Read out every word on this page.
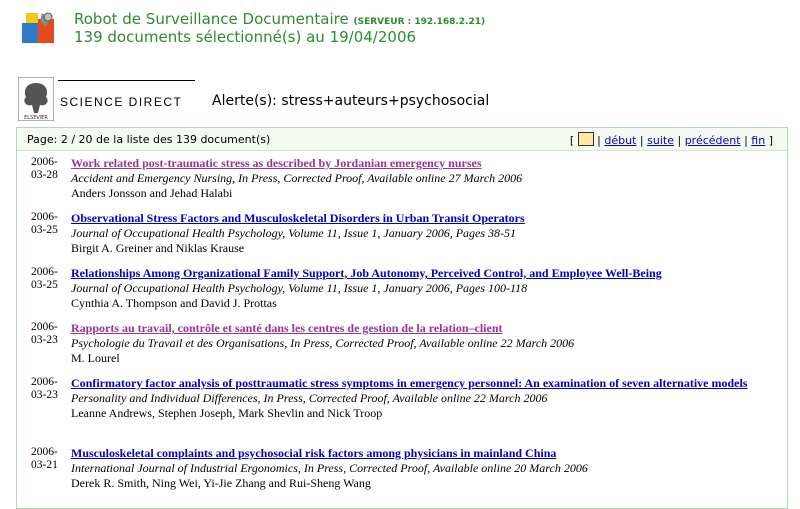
Robot de Surveillance Documentaire (SERVEUR : 192.168.2.21)
139 documents sélectionné(s) au 19/04/2006
ELSEVIER
SCIENCE DIRECT Alerte(s): stress+auteurs+psychosocial
Page: 2 / 20 de la liste des 139 document(s)	[ | début | suite | précédent | fin ]
2006-
03-28
Work related post-traumatic stress as described by Jordanian emergency nurses
Accident and Emergency Nursing, In Press, Corrected Proof, Available online 27 March 2006
Anders Jonsson and Jehad Halabi
2006-
03-25
Observational Stress Factors and Musculoskeletal Disorders in Urban Transit Operators
Journal of Occupational Health Psychology, Volume 11, Issue 1, January 2006, Pages 38-51
Birgit A. Greiner and Niklas Krause
2006-
03-25
Relationships Among Organizational Family Support, Job Autonomy, Perceived Control, and Employee Well-Being
Journal of Occupational Health Psychology, Volume 11, Issue 1, January 2006, Pages 100-118
Cynthia A. Thompson and David J. Prottas
2006-
03-23
Rapports au travail, contrôle et santé dans les centres de gestion de la relation–client
Psychologie du Travail et des Organisations, In Press, Corrected Proof, Available online 22 March 2006
M. Lourel
2006-
03-23
Confirmatory factor analysis of posttraumatic stress symptoms in emergency personnel: An examination of seven alternative models
Personality and Individual Differences, In Press, Corrected Proof, Available online 22 March 2006
Leanne Andrews, Stephen Joseph, Mark Shevlin and Nick Troop
2006-
03-21
Musculoskeletal complaints and psychosocial risk factors among physicians in mainland China
International Journal of Industrial Ergonomics, In Press, Corrected Proof, Available online 20 March 2006
Derek R. Smith, Ning Wei, Yi-Jie Zhang and Rui-Sheng Wang
